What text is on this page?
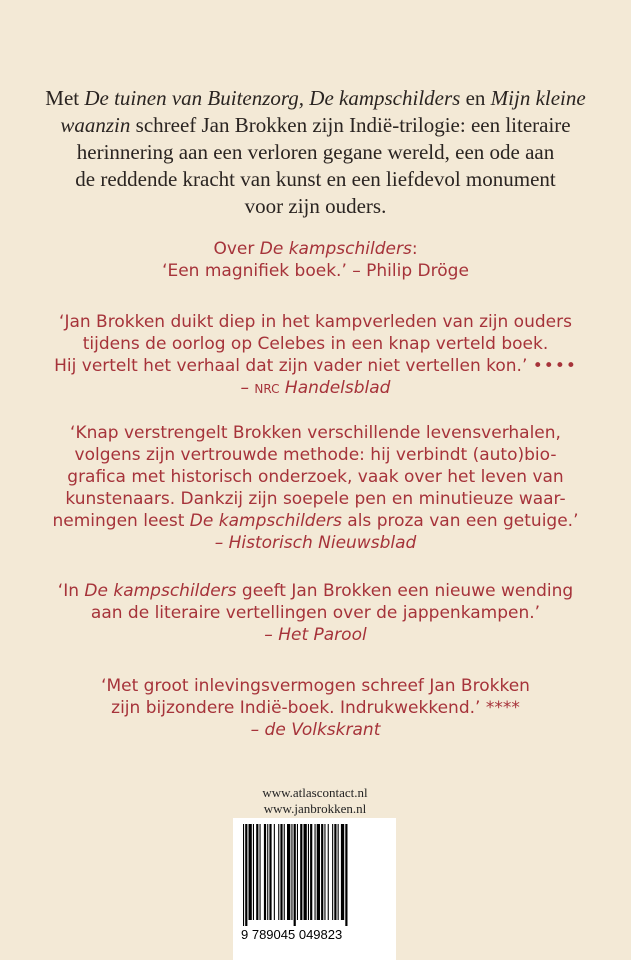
Met De tuinen van Buitenzorg, De kampschilders en Mijn kleine

waanzin schreef Jan Brokken zijn Indië-trilogie: een literaire

herinnering aan een verloren gegane wereld, een ode aan

de reddende kracht van kunst en een liefdevol monument

voor zijn ouders.

Over De kampschilders:

‘Een magnifiek boek.’ – Philip Dröge

‘Jan Brokken duikt diep in het kampverleden van zijn ouders

tijdens de oorlog op Celebes in een knap verteld boek.

Hij vertelt het verhaal dat zijn vader niet vertellen kon.’ ••••

– nrc Handelsblad

‘Knap verstrengelt Brokken verschillende levensverhalen,

volgens zijn vertrouwde methode: hij verbindt (auto)bio-

grafica met historisch onderzoek, vaak over het leven van

kunstenaars. Dankzij zijn soepele pen en minutieuze waar-

nemingen leest De kampschilders als proza van een getuige.’

– Historisch Nieuwsblad

‘In De kampschilders geeft Jan Brokken een nieuwe wending

aan de literaire vertellingen over de jappenkampen.’

– Het Parool

‘Met groot inlevingsvermogen schreef Jan Brokken

zijn bijzondere Indië-boek. Indrukwekkend.’ ****

– de Volkskrant

www.atlascontact.nl

www.janbrokken.nl

9 789045 049823
